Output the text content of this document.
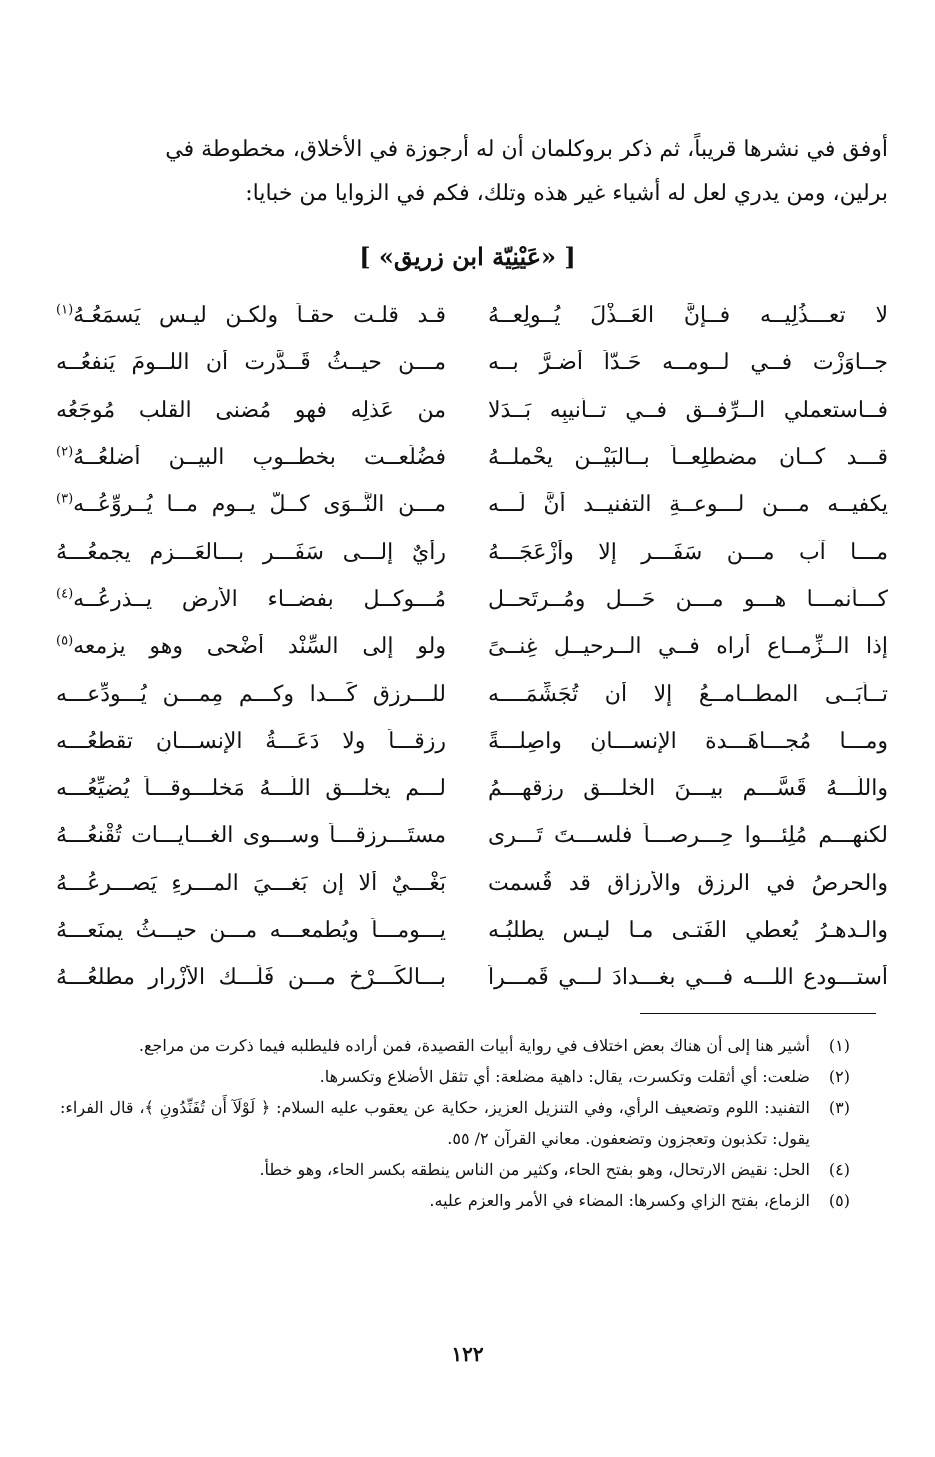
أوفق في نشرها قريباً، ثم ذكر بروكلمان أن له أرجوزة في الأخلاق، مخطوطة في

برلين، ومن يدري لعل له أشياء غير هذه وتلك، فكم في الزوايا من خبايا:

[ «عَيْنِيّة ابن زريق» ]
لا تعـــذُلِيــه فــإنَّ العَــذْلَ يُــولِعــهُ
قـد قلـت حقـاً ولكـن ليـس يَسمَعُـهُ$^{(١)}$
جــاوَزْت فــي لــومــه حَـدّاً أضـرَّ بــه
مـــن حيــثُ قَــدَّرت أن اللــومَ يَنفعُــه
فــاستعملي الــرِّفــق فــي تــأنيبِه بَــدَلا
من عَذلِه فهو مُضنى القلب مُوجَعُه
قـــد كــان مضطلِعــاً بــالبَيْــن يحْملــهُ
فضُلِّعــت بخطــوبِ البيــن أضلعُــهُ$^{(٢)}$
يكفيــه مـــن لـــوعــةِ التفنيــد أنَّ لَـــه
مـــن النَّــوَى كــلَّ يــوم مــا يُــروِّعُــه$^{(٣)}$
مـــا آب مـــن سَفَـــر إلا وأزْعَجَـــهُ
رأيٌ إلـــى سَفَـــر بـــالعَـــزم يجمعُـــهُ
كـــأنمـــا هـــو مـــن حَـــل ومُــرتَحــل
مُـــوكــل بفضــاء الأرضِ يــذرعُــه$^{(٤)}$
إذا الــزِّمــاع أراه فــي الــرحيــلِ غِنــىً
ولو إلى السِّنْد أضْحى وهو يزمعه$^{(٥)}$
تــأبَــى المطــامــعُ إلا أن تُجَشِّمَــــه
للـــرزقِ كَـــدا وكـــم مِمـــن يُـــودِّعـــه
ومـــا مُجـــاهَـــدة الإنســـانِ واصِلـــةً
رِزقـــاً ولا دَعَـــةُ الإنســـانِ تقطعُـــه
واللّـــهُ قَسَّـــم بيـــنَ الخلـــقِ رزقهـــمُ
لـــم يخلـــق اللّـــهُ مَخلـــوقـــاً يُضيِّعُـــه
لكنهـــم مُلِئـــوا حِـــرصـــاً فلســـتَ تَـــرى
مستَـــرزِقـــاً وســـوى الغـــايـــات تُقْنعُـــهُ
والحرصُ في الرزقِ والأرزاق قد قُسمت
بَغْـــيٌ ألا إن بَغـــيَ المـــرءِ يَصـــرعُـــهُ
والـدهـرُ يُعطي الفَتـى مـا ليـس يطلبُـه
يـــومـــاً ويُطمعـــه مـــن حيـــثُ يمنَعـــهُ
أستـــودع اللـــه فـــي بغـــدادَ لـــي قَمـــراً
بـــالكَـــرْخ مـــن فَلَـــك الأزْرارِ مطلعُـــهُ
(١)
أشير هنا إلى أن هناك بعض اختلاف في رواية أبيات القصيدة، فمن أراده فليطلبه فيما ذكرت من مراجع.
(٢)
ضلعت: أي أثقلت وتكسرت، يقال: داهية مضلعة: أي تثقل الأضلاع وتكسرها.
(٣)
التفنيد: اللوم وتضعيف الرأي، وفي التنزيل العزيز، حكاية عن يعقوب عليه السلام: ﴿ لَوْلَآ أَن تُفَنِّدُونِ ﴾، قال الفراء: يقول: تكذبون وتعجزون وتضعفون. معاني القرآن ٢/ ٥٥.
(٤)
الحل: نقيض الارتحال، وهو بفتح الحاء، وكثير من الناس ينطقه بكسر الحاء، وهو خطأ.
(٥)
الزماع، بفتح الزاي وكسرها: المضاء في الأمر والعزم عليه.
١٢٢
